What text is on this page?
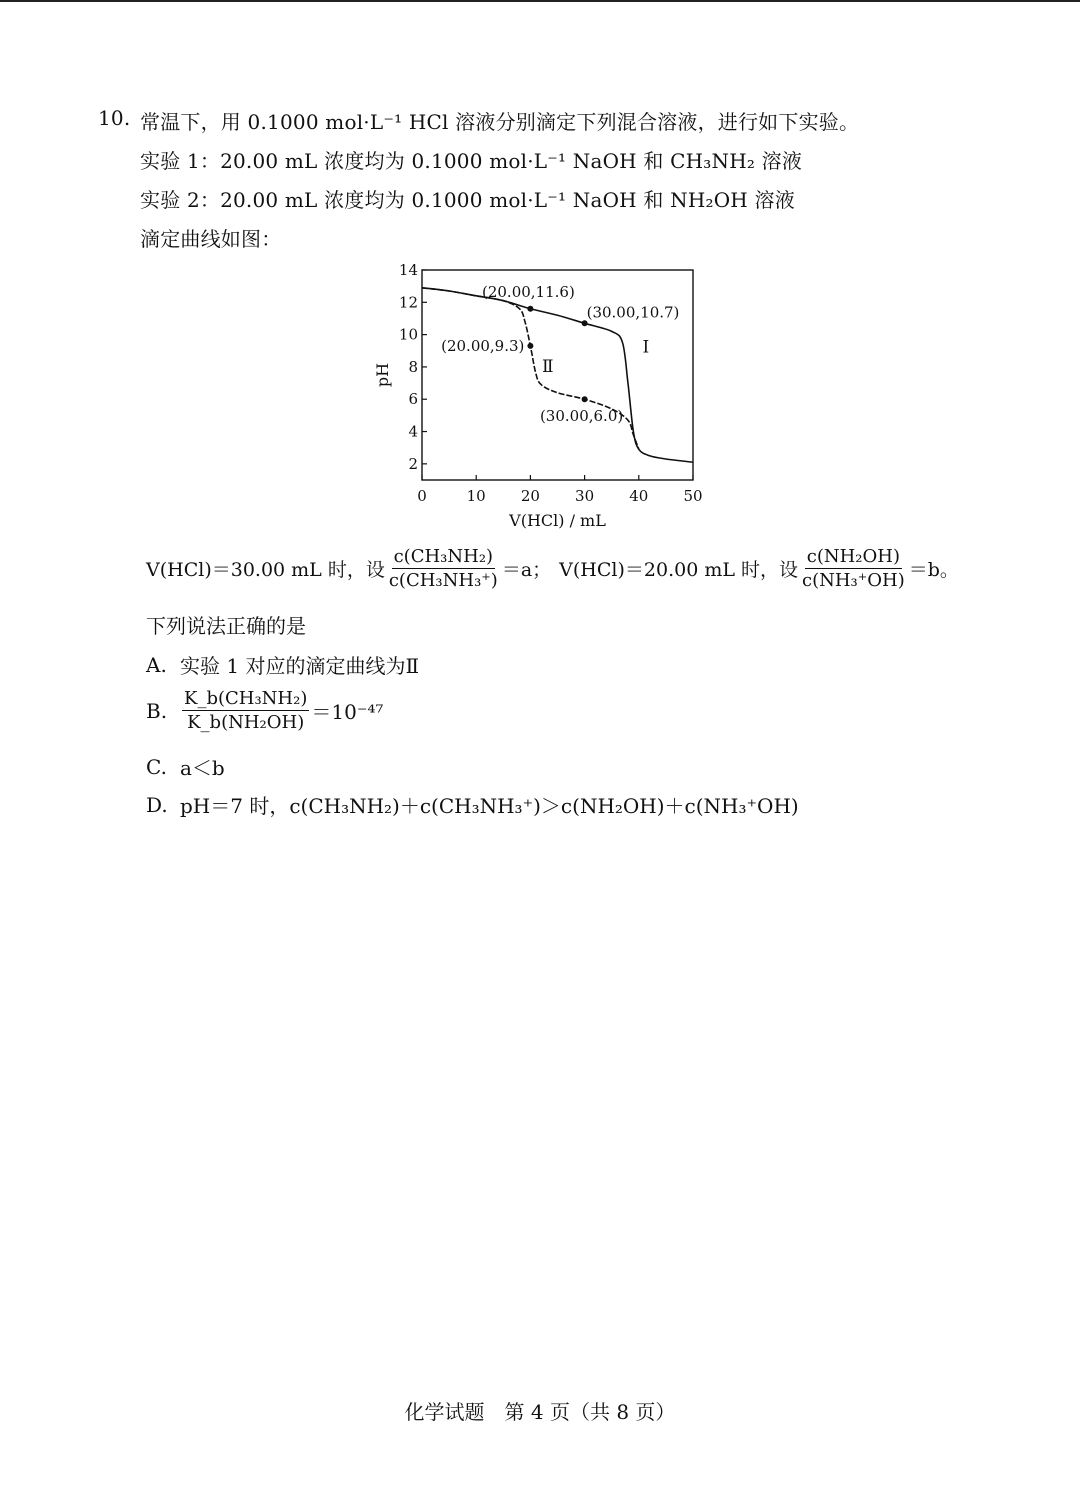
10. 常温下，用 0.1000 mol·L⁻¹ HCl 溶液分别滴定下列混合溶液，进行如下实验。
实验 1：20.00 mL 浓度均为 0.1000 mol·L⁻¹ NaOH 和 CH₃NH₂ 溶液
实验 2：20.00 mL 浓度均为 0.1000 mol·L⁻¹ NaOH 和 NH₂OH 溶液
滴定曲线如图：
0	10 20 30 40 50
2
4
6
8
10
12
14
V(HCl) / mL
pH
Ⅰ
Ⅱ
(20.00,11.6)
(30.00,10.7)
(20.00,9.3)
(30.00,6.0)
V(HCl)＝30.00 mL 时，设 $\frac{\text{c(CH₃NH₂)}}{\text{c(CH₃NH₃⁺)}} =a$； V(HCl)＝20.00 mL 时，设 $\frac{\text{c(NH₂OH)}}{\text{c(NH₃⁺OH)}} =b$。
下列说法正确的是
A. 实验 1 对应的滴定曲线为Ⅱ
B. $\frac{\text{K\_b(CH₃NH₂)}}{\text{K\_b(NH₂OH)}} =10^{-47}$
C. a＜b
D. pH＝7 时，c(CH₃NH₂)＋c(CH₃NH₃⁺)＞c(NH₂OH)＋c(NH₃⁺OH)
化学试题　第 4 页（共 8 页）
